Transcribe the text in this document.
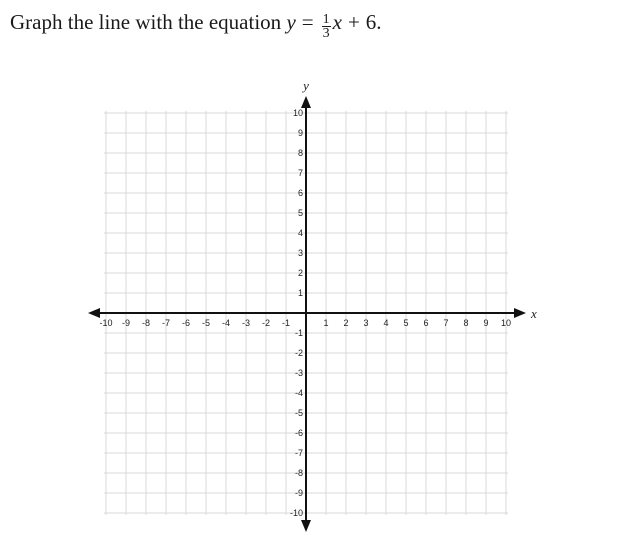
Graph the line with the equation $y = \frac{1}{3}$ x + 6.
x
y
-10 -9 -8 -7 -6 -5 -4 -3 -2 -1	1 2 3 4 5 6 7 8 9 10
-10
-9
-8
-7
-6
-5
-4
-3
-2
-1
1
2
3
4
5
6
7
8
9
10
